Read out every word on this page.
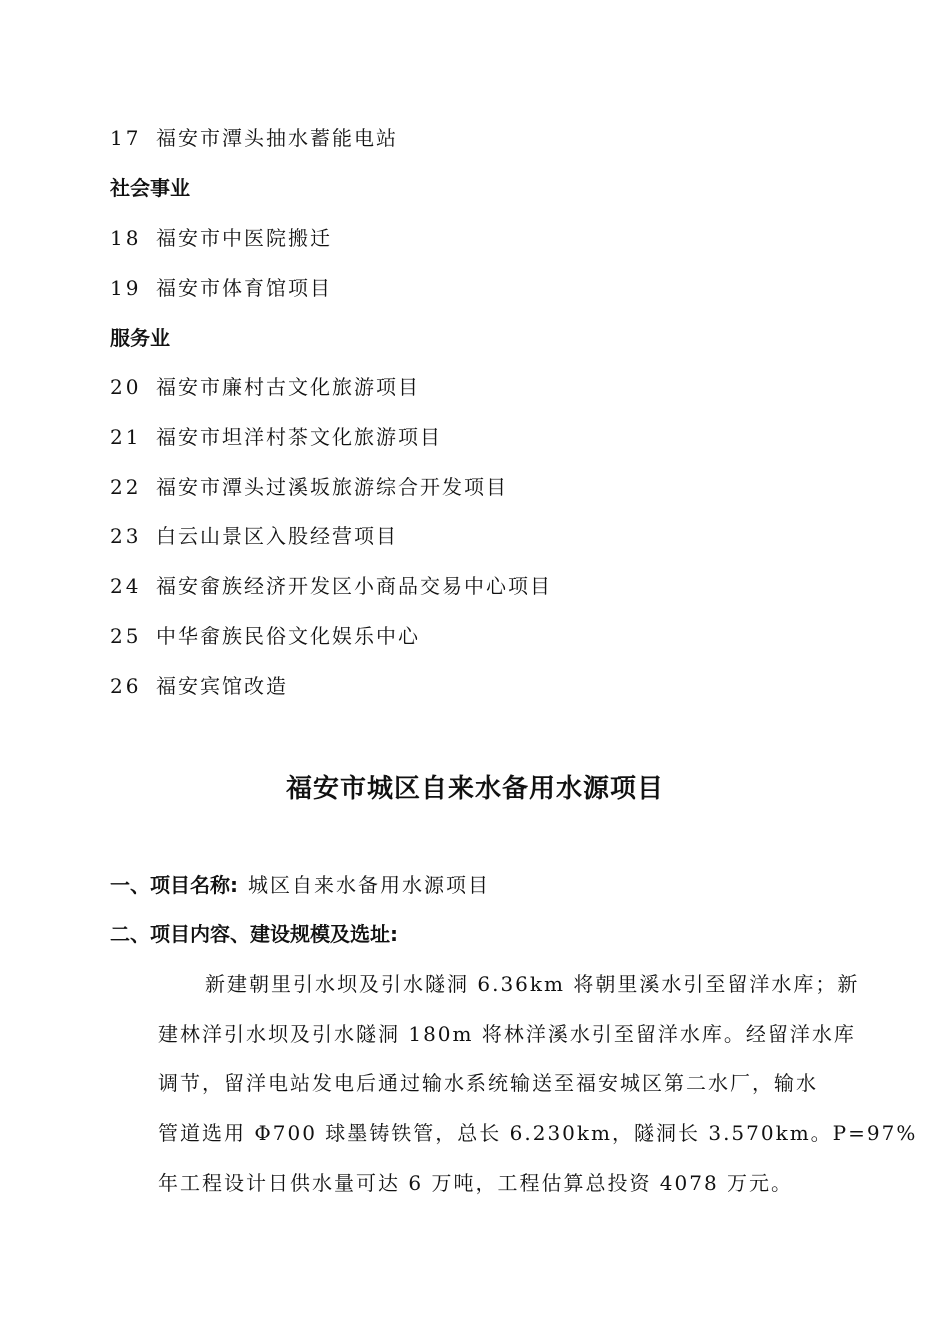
17 福安市潭头抽水蓄能电站
社会事业
18 福安市中医院搬迁
19 福安市体育馆项目
服务业
20 福安市廉村古文化旅游项目
21 福安市坦洋村茶文化旅游项目
22 福安市潭头过溪坂旅游综合开发项目
23 白云山景区入股经营项目
24 福安畲族经济开发区小商品交易中心项目
25 中华畲族民俗文化娱乐中心
26 福安宾馆改造
福安市城区自来水备用水源项目
一、项目名称: 城区自来水备用水源项目
二、项目内容、建设规模及选址:
新建朝里引水坝及引水隧洞 6.36km 将朝里溪水引至留洋水库；新
建林洋引水坝及引水隧洞 180m 将林洋溪水引至留洋水库。经留洋水库
调节，留洋电站发电后通过输水系统输送至福安城区第二水厂，输水
管道选用 Φ700 球墨铸铁管，总长 6.230km，隧洞长 3.570km。P=97%
年工程设计日供水量可达 6 万吨，工程估算总投资 4078 万元。
